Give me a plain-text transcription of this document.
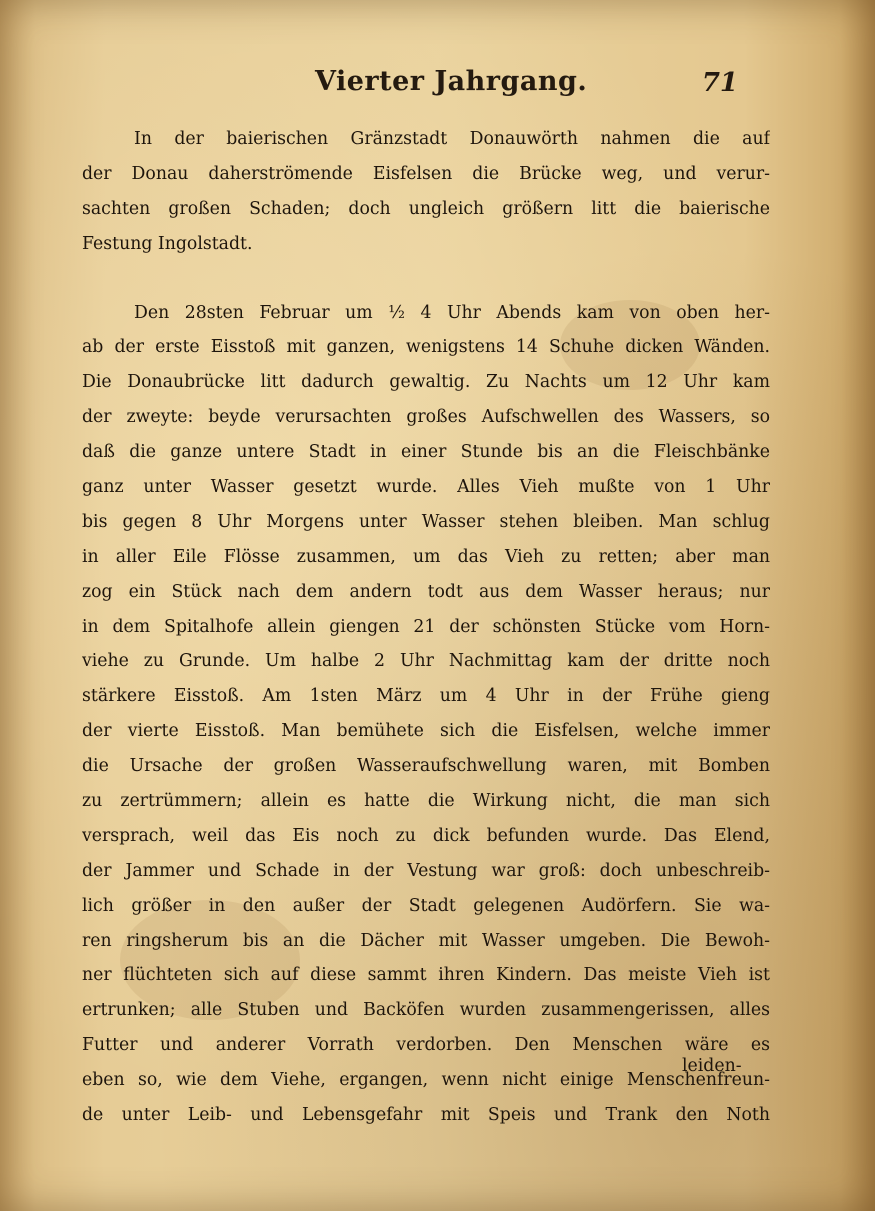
Vierter Jahrgang.	71
In der baierischen Gränzstadt Donauwörth nahmen die auf
der Donau daherströmende Eisfelsen die Brücke weg, und verur-
sachten großen Schaden; doch ungleich größern litt die baierische
Festung Ingolstadt.
Den 28sten Februar um ½ 4 Uhr Abends kam von oben her-
ab der erste Eisstoß mit ganzen, wenigstens 14 Schuhe dicken Wänden.
Die Donaubrücke litt dadurch gewaltig. Zu Nachts um 12 Uhr kam
der zweyte: beyde verursachten großes Aufschwellen des Wassers, so
daß die ganze untere Stadt in einer Stunde bis an die Fleischbänke
ganz unter Wasser gesetzt wurde. Alles Vieh mußte von 1 Uhr
bis gegen 8 Uhr Morgens unter Wasser stehen bleiben. Man schlug
in aller Eile Flösse zusammen, um das Vieh zu retten; aber man
zog ein Stück nach dem andern todt aus dem Wasser heraus; nur
in dem Spitalhofe allein giengen 21 der schönsten Stücke vom Horn-
viehe zu Grunde. Um halbe 2 Uhr Nachmittag kam der dritte noch
stärkere Eisstoß. Am 1sten März um 4 Uhr in der Frühe gieng
der vierte Eisstoß. Man bemühete sich die Eisfelsen, welche immer
die Ursache der großen Wasseraufschwellung waren, mit Bomben
zu zertrümmern; allein es hatte die Wirkung nicht, die man sich
versprach, weil das Eis noch zu dick befunden wurde. Das Elend,
der Jammer und Schade in der Vestung war groß: doch unbeschreib-
lich größer in den außer der Stadt gelegenen Audörfern. Sie wa-
ren ringsherum bis an die Dächer mit Wasser umgeben. Die Bewoh-
ner flüchteten sich auf diese sammt ihren Kindern. Das meiste Vieh ist
ertrunken; alle Stuben und Backöfen wurden zusammengerissen, alles
Futter und anderer Vorrath verdorben. Den Menschen wäre es
eben so, wie dem Viehe, ergangen, wenn nicht einige Menschenfreun-
de unter Leib- und Lebensgefahr mit Speis und Trank den Noth
leiden-
